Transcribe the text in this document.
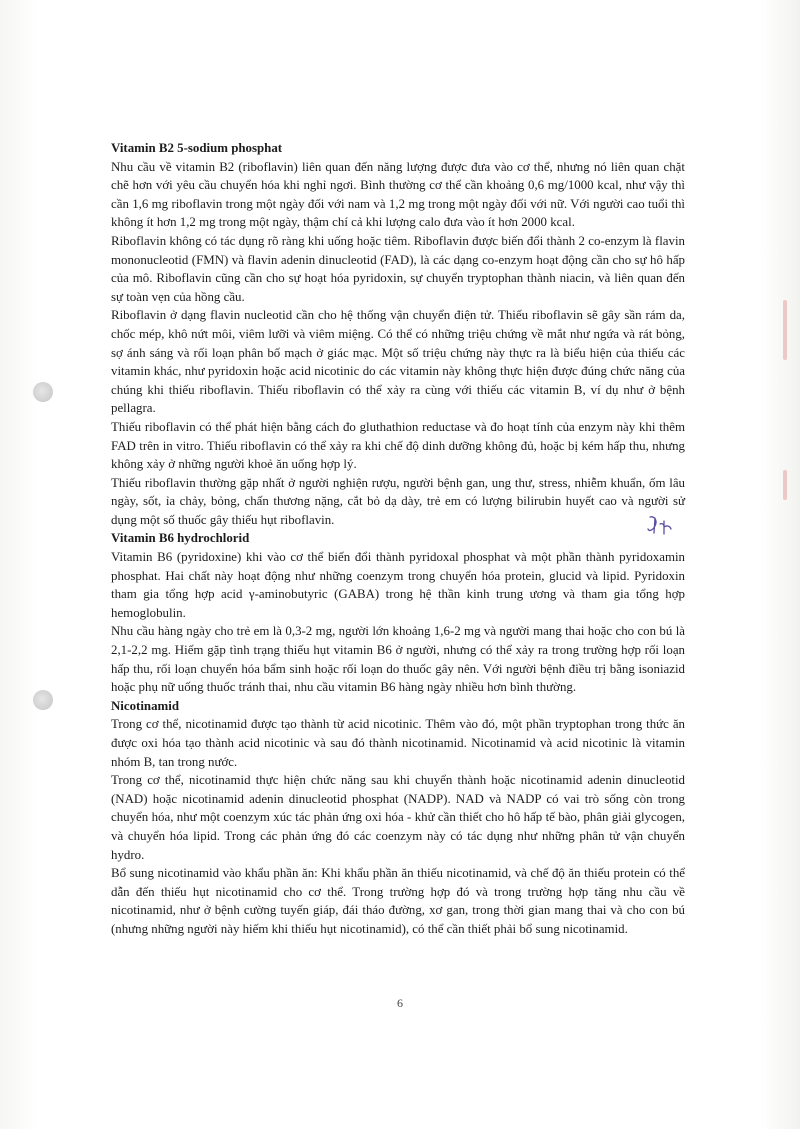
Vitamin B2 5-sodium phosphat

Nhu cầu về vitamin B2 (riboflavin) liên quan đến năng lượng được đưa vào cơ thể, nhưng nó liên quan chặt chẽ hơn với yêu cầu chuyển hóa khi nghỉ ngơi. Bình thường cơ thể cần khoảng 0,6 mg/1000 kcal, như vậy thì cần 1,6 mg riboflavin trong một ngày đối với nam và 1,2 mg trong một ngày đối với nữ. Với người cao tuổi thì không ít hơn 1,2 mg trong một ngày, thậm chí cả khi lượng calo đưa vào ít hơn 2000 kcal.

Riboflavin không có tác dụng rõ ràng khi uống hoặc tiêm. Riboflavin được biến đổi thành 2 co-enzym là flavin mononucleotid (FMN) và flavin adenin dinucleotid (FAD), là các dạng co-enzym hoạt động cần cho sự hô hấp của mô. Riboflavin cũng cần cho sự hoạt hóa pyridoxin, sự chuyển tryptophan thành niacin, và liên quan đến sự toàn vẹn của hồng cầu.

Riboflavin ở dạng flavin nucleotid cần cho hệ thống vận chuyển điện tử. Thiếu riboflavin sẽ gây sần rám da, chốc mép, khô nứt môi, viêm lưỡi và viêm miệng. Có thể có những triệu chứng về mắt như ngứa và rát bỏng, sợ ánh sáng và rối loạn phân bố mạch ở giác mạc. Một số triệu chứng này thực ra là biểu hiện của thiếu các vitamin khác, như pyridoxin hoặc acid nicotinic do các vitamin này không thực hiện được đúng chức năng của chúng khi thiếu riboflavin. Thiếu riboflavin có thể xảy ra cùng với thiếu các vitamin B, ví dụ như ở bệnh pellagra.

Thiếu riboflavin có thể phát hiện bằng cách đo gluthathion reductase và đo hoạt tính của enzym này khi thêm FAD trên in vitro. Thiếu riboflavin có thể xảy ra khi chế độ dinh dưỡng không đủ, hoặc bị kém hấp thu, nhưng không xảy ở những người khoẻ ăn uống hợp lý.

Thiếu riboflavin thường gặp nhất ở người nghiện rượu, người bệnh gan, ung thư, stress, nhiễm khuẩn, ốm lâu ngày, sốt, ỉa chảy, bỏng, chấn thương nặng, cắt bỏ dạ dày, trẻ em có lượng bilirubin huyết cao và người sử dụng một số thuốc gây thiếu hụt riboflavin.

Vitamin B6 hydrochlorid

Vitamin B6 (pyridoxine) khi vào cơ thể biến đổi thành pyridoxal phosphat và một phần thành pyridoxamin phosphat. Hai chất này hoạt động như những coenzym trong chuyển hóa protein, glucid và lipid. Pyridoxin tham gia tổng hợp acid γ-aminobutyric (GABA) trong hệ thần kinh trung ương và tham gia tổng hợp hemoglobulin.

Nhu cầu hàng ngày cho trẻ em là 0,3-2 mg, người lớn khoảng 1,6-2 mg và người mang thai hoặc cho con bú là 2,1-2,2 mg. Hiếm gặp tình trạng thiếu hụt vitamin B6 ở người, nhưng có thể xảy ra trong trường hợp rối loạn hấp thu, rối loạn chuyển hóa bẩm sinh hoặc rối loạn do thuốc gây nên. Với người bệnh điều trị bằng isoniazid hoặc phụ nữ uống thuốc tránh thai, nhu cầu vitamin B6 hàng ngày nhiều hơn bình thường.

Nicotinamid

Trong cơ thể, nicotinamid được tạo thành từ acid nicotinic. Thêm vào đó, một phần tryptophan trong thức ăn được oxi hóa tạo thành acid nicotinic và sau đó thành nicotinamid. Nicotinamid và acid nicotinic là vitamin nhóm B, tan trong nước.

Trong cơ thể, nicotinamid thực hiện chức năng sau khi chuyển thành hoặc nicotinamid adenin dinucleotid (NAD) hoặc nicotinamid adenin dinucleotid phosphat (NADP). NAD và NADP có vai trò sống còn trong chuyển hóa, như một coenzym xúc tác phản ứng oxi hóa - khử cần thiết cho hô hấp tế bào, phân giải glycogen, và chuyển hóa lipid. Trong các phản ứng đó các coenzym này có tác dụng như những phân tử vận chuyển hydro.

Bổ sung nicotinamid vào khẩu phần ăn: Khi khẩu phần ăn thiếu nicotinamid, và chế độ ăn thiếu protein có thể dẫn đến thiếu hụt nicotinamid cho cơ thể. Trong trường hợp đó và trong trường hợp tăng nhu cầu về nicotinamid, như ở bệnh cường tuyến giáp, đái tháo đường, xơ gan, trong thời gian mang thai và cho con bú (nhưng những người này hiếm khi thiếu hụt nicotinamid), có thể cần thiết phải bổ sung nicotinamid.

6
